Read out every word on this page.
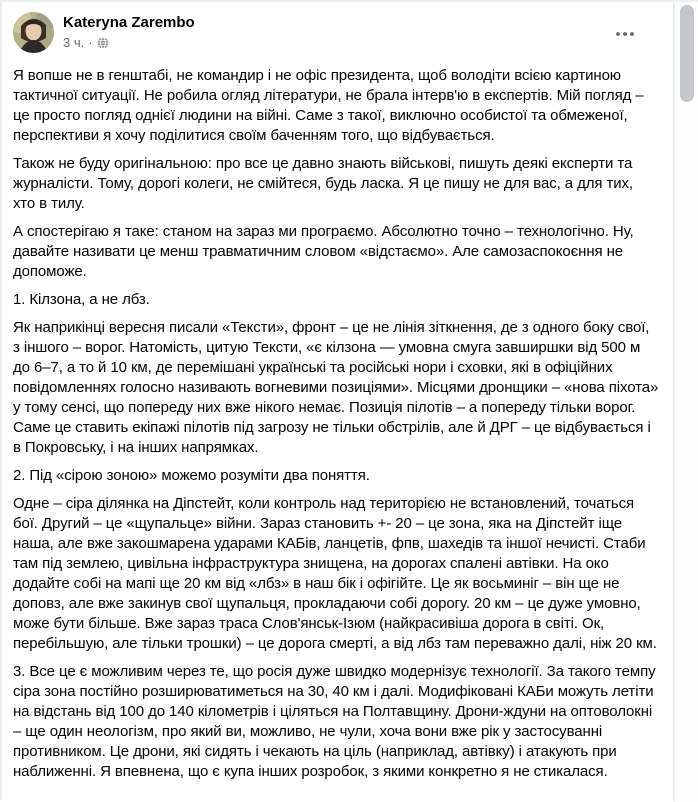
Kateryna Zarembo
3 ч. ·

Я вопше не в генштабі, не командир і не офіс президента, щоб володіти всією картиною тактичної ситуації. Не робила огляд літератури, не брала інтерв'ю в експертів. Мій погляд – це просто погляд однієї людини на війні. Саме з такої, виключно особистої та обмеженої, перспективи я хочу поділитися своїм баченням того, що відбувається.

Також не буду оригінальною: про все це давно знають військові, пишуть деякі експерти та журналісти. Тому, дорогі колеги, не смійтеся, будь ласка. Я це пишу не для вас, а для тих, хто в тилу.

А спостерігаю я таке: станом на зараз ми програємо. Абсолютно точно – технологічно. Ну, давайте називати це менш травматичним словом «відстаємо». Але самозаспокоєння не допоможе.

1. Кілзона, а не лбз.

Як наприкінці вересня писали «Тексти», фронт – це не лінія зіткнення, де з одного боку свої, з іншого – ворог. Натомість, цитую Тексти, «є кілзона — умовна смуга завширшки від 500 м до 6–7, а то й 10 км, де перемішані українські та російські нори і сховки, які в офіційних повідомленнях голосно називають вогневими позиціями». Місцями дронщики – «нова піхота» у тому сенсі, що попереду них вже нікого немає. Позиція пілотів – а попереду тільки ворог. Саме це ставить екіпажі пілотів під загрозу не тільки обстрілів, але й ДРГ – це відбувається і в Покровську, і на інших напрямках.

2. Під «сірою зоною» можемо розуміти два поняття.

Одне – сіра ділянка на Діпстейт, коли контроль над територією не встановлений, точаться бої. Другий – це «щупальце» війни. Зараз становить +- 20 – це зона, яка на Діпстейт іще наша, але вже закошмарена ударами КАБів, ланцетів, фпв, шахедів та іншої нечисті. Стаби там під землею, цивільна інфраструктура знищена, на дорогах спалені автівки. На око додайте собі на мапі ще 20 км від «лбз» в наш бік і офігійте. Це як восьминіг – він ще не доповз, але вже закинув свої щупальця, прокладаючи собі дорогу. 20 км – це дуже умовно, може бути більше. Вже зараз траса Слов'янськ-Ізюм (найкрасивіша дорога в світі. Ок, перебільшую, але тільки трошки) – це дорога смерті, а від лбз там переважно далі, ніж 20 км.

3. Все це є можливим через те, що росія дуже швидко модернізує технології. За такого темпу сіра зона постійно розширюватиметься на 30, 40 км і далі. Модифіковані КАБи можуть летіти на відстань від 100 до 140 кілометрів і ціляться на Полтавщину. Дрони-ждуни на оптоволокні – ще один неологізм, про який ви, можливо, не чули, хоча вони вже рік у застосуванні противником. Це дрони, які сидять і чекають на ціль (наприклад, автівку) і атакують при наближенні. Я впевнена, що є купа інших розробок, з якими конкретно я не стикалася.
